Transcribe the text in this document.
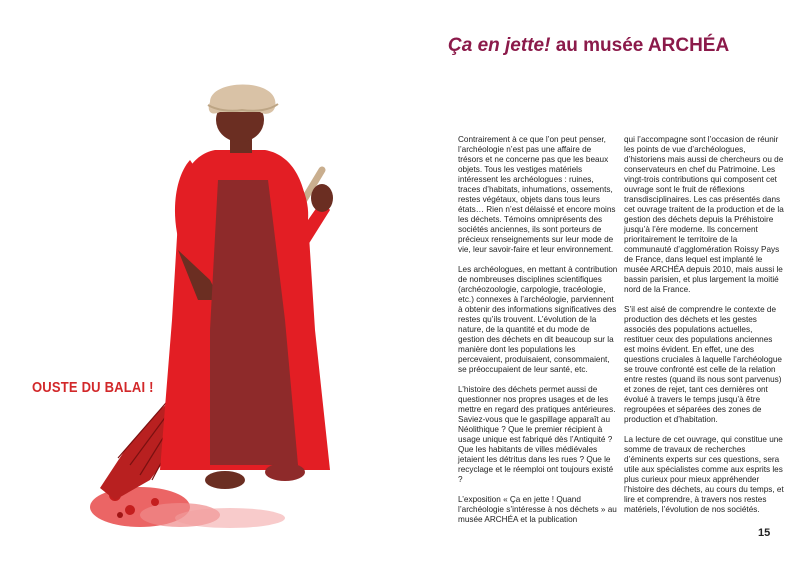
OUSTE DU BALAI !
Ça en jette! au musée ARCHÉA

Contrairement à ce que l’on peut penser, l’archéologie n’est pas une affaire de trésors et ne concerne pas que les beaux objets. Tous les vestiges matériels intéressent les archéologues : ruines, traces d’habitats, inhumations, ossements, restes végétaux, objets dans tous leurs états… Rien n’est délaissé et encore moins les déchets. Témoins omniprésents des sociétés anciennes, ils sont porteurs de précieux renseignements sur leur mode de vie, leur savoir-faire et leur environnement.

Les archéologues, en mettant à contribution de nombreuses disciplines scientifiques (archéozoologie, carpologie, tracéologie, etc.) connexes à l’archéologie, parviennent à obtenir des informations significatives des restes qu’ils trouvent. L’évolution de la nature, de la quantité et du mode de gestion des déchets en dit beaucoup sur la manière dont les populations les percevaient, produisaient, consommaient, se préoccupaient de leur santé, etc.

L’histoire des déchets permet aussi de questionner nos propres usages et de les mettre en regard des pratiques antérieures. Saviez-vous que le gaspillage apparaît au Néolithique ? Que le premier récipient à usage unique est fabriqué dès l’Antiquité ? Que les habitants de villes médiévales jetaient les détritus dans les rues ? Que le recyclage et le réemploi ont toujours existé ?

L’exposition « Ça en jette ! Quand l’archéologie s’intéresse à nos déchets » au musée ARCHÉA et la publication

qui l’accompagne sont l’occasion de réunir les points de vue d’archéologues, d’historiens mais aussi de chercheurs ou de conservateurs en chef du Patrimoine. Les vingt-trois contributions qui composent cet ouvrage sont le fruit de réflexions transdisciplinaires. Les cas présentés dans cet ouvrage traitent de la production et de la gestion des déchets depuis la Préhistoire jusqu’à l’ère moderne. Ils concernent prioritairement le territoire de la communauté d’agglomération Roissy Pays de France, dans lequel est implanté le musée ARCHÉA depuis 2010, mais aussi le bassin parisien, et plus largement la moitié nord de la France.

S’il est aisé de comprendre le contexte de production des déchets et les gestes associés des populations actuelles, restituer ceux des populations anciennes est moins évident. En effet, une des questions cruciales à laquelle l’archéologue se trouve confronté est celle de la relation entre restes (quand ils nous sont parvenus) et zones de rejet, tant ces dernières ont évolué à travers le temps jusqu’à être regroupées et séparées des zones de production et d’habitation.

La lecture de cet ouvrage, qui constitue une somme de travaux de recherches d’éminents experts sur ces questions, sera utile aux spécialistes comme aux esprits les plus curieux pour mieux appréhender l’histoire des déchets, au cours du temps, et lire et comprendre, à travers nos restes matériels, l’évolution de nos sociétés.

15
